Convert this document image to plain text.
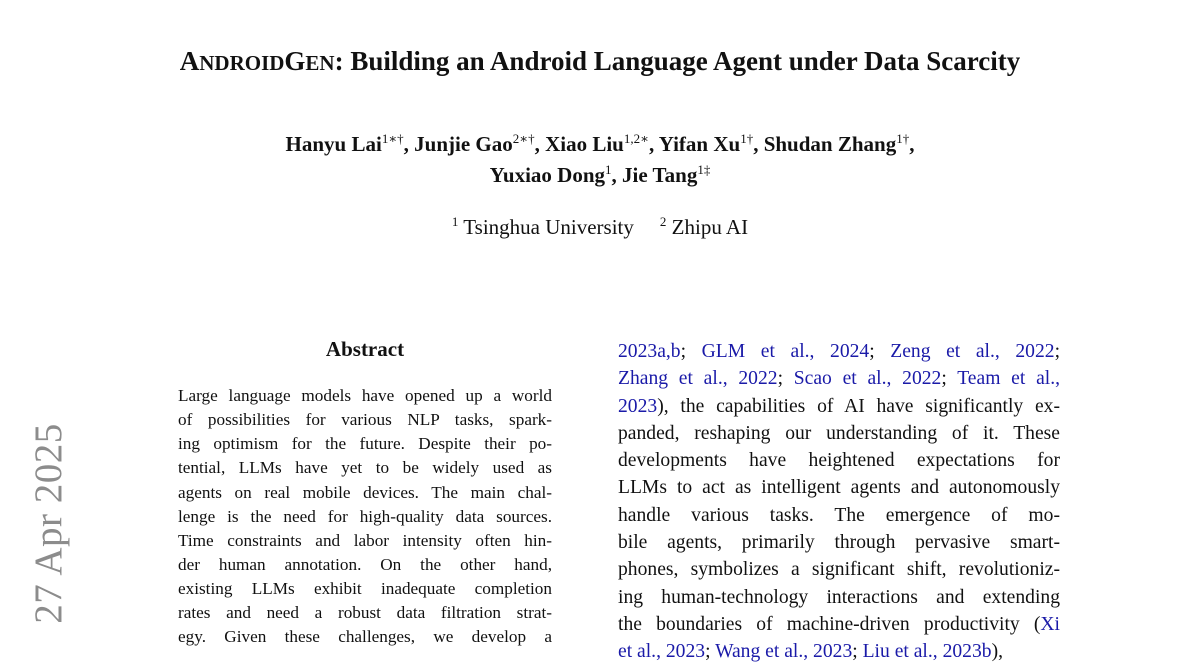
ANDROIDGEN: Building an Android Language Agent under Data Scarcity
Hanyu Lai$^{1∗\dagger}$, Junjie Gao$^{2∗\dagger}$, Xiao Liu$^{1,2∗}$, Yifan $Xu^{1\dagger}$, Shudan Zhang$^{1\dagger}$,
Yuxiao Dong$^1$, Jie Tang$^{1\ddagger}$
$^1$ Tsinghua University $^2$ Zhipu AI
27 Apr 2025
Abstract
Large language models have opened up a world
of possibilities for various NLP tasks, spark-
ing optimism for the future. Despite their po-
tential, LLMs have yet to be widely used as
agents on real mobile devices. The main chal-
lenge is the need for high-quality data sources.
Time constraints and labor intensity often hin-
der human annotation. On the other hand,
existing LLMs exhibit inadequate completion
rates and need a robust data filtration strat-
egy. Given these challenges, we develop a
2023a,b; GLM et al., 2024; Zeng et al., 2022;
Zhang et al., 2022; Scao et al., 2022; Team et al.,
2023), the capabilities of AI have significantly ex-
panded, reshaping our understanding of it. These
developments have heightened expectations for
LLMs to act as intelligent agents and autonomously
handle various tasks. The emergence of mo-
bile agents, primarily through pervasive smart-
phones, symbolizes a significant shift, revolutioniz-
ing human-technology interactions and extending
the boundaries of machine-driven productivity (Xi
et al., 2023; Wang et al., 2023; Liu et al., 2023b),
